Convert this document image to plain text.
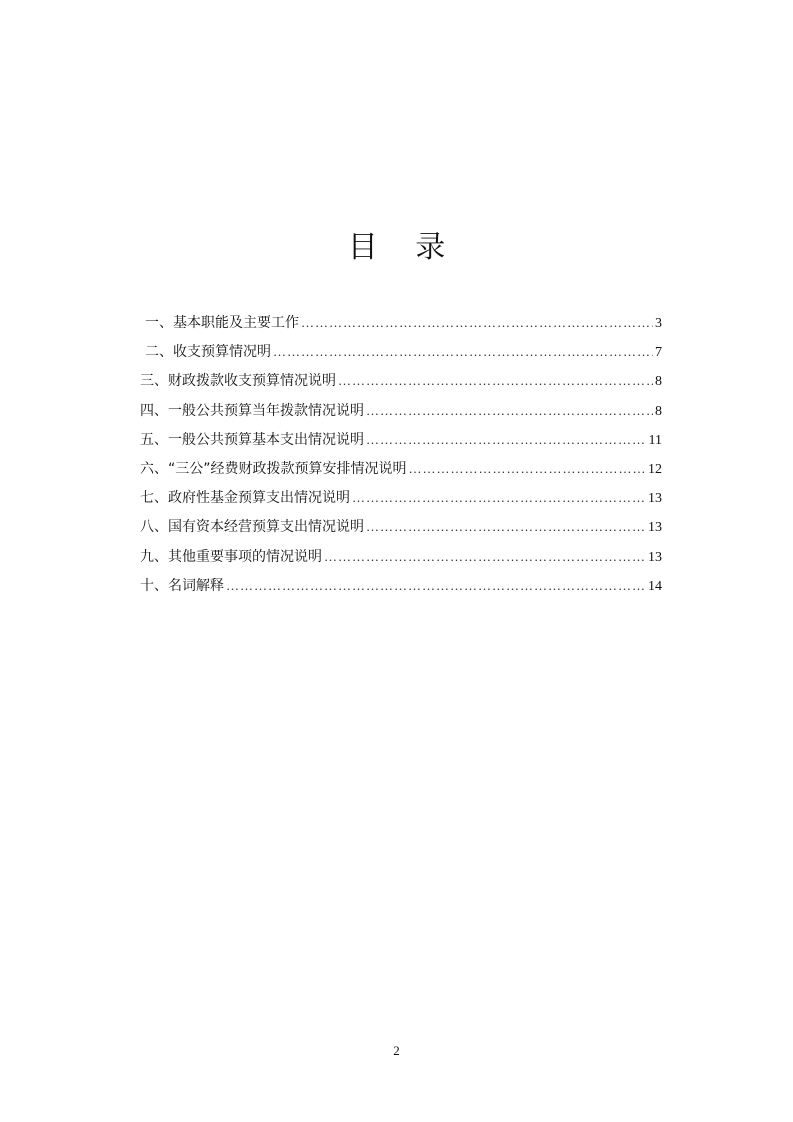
目 录
一、基本职能及主要工作 …………………………………………………………………………………………………………………………………………………………………………………	3
二、收支预算情况明 …………………………………………………………………………………………………………………………………………………………………………………	7
三、财政拨款收支预算情况说明 …………………………………………………………………………………………………………………………………………………………………………………	8
四、一般公共预算当年拨款情况说明 …………………………………………………………………………………………………………………………………………………………………………………	8
五、一般公共预算基本支出情况说明 …………………………………………………………………………………………………………………………………………………………………………………	11
六、“三公”经费财政拨款预算安排情况说明 …………………………………………………………………………………………………………………………………………………………………………………	12
七、政府性基金预算支出情况说明 …………………………………………………………………………………………………………………………………………………………………………………	13
八、国有资本经营预算支出情况说明 …………………………………………………………………………………………………………………………………………………………………………………	13
九、其他重要事项的情况说明 …………………………………………………………………………………………………………………………………………………………………………………	13
十、名词解释 …………………………………………………………………………………………………………………………………………………………………………………	14
2
